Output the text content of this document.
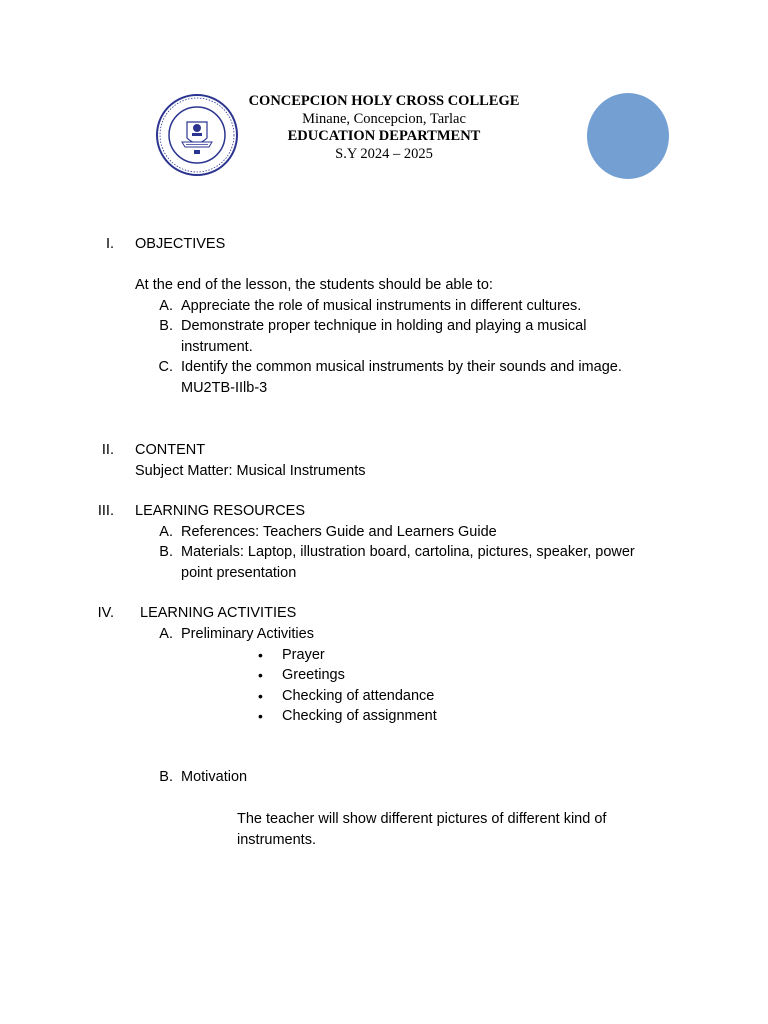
CONCEPCION HOLY CROSS COLLEGE
Minane, Concepcion, Tarlac
EDUCATION DEPARTMENT
S.Y 2024 – 2025
I. OBJECTIVES
At the end of the lesson, the students should be able to:
A. Appreciate the role of musical instruments in different cultures.
B. Demonstrate proper technique in holding and playing a musical
instrument.
C. Identify the common musical instruments by their sounds and image.
MU2TB-IIlb-3
II. CONTENT
Subject Matter: Musical Instruments
III. LEARNING RESOURCES
A. References: Teachers Guide and Learners Guide
B. Materials: Laptop, illustration board, cartolina, pictures, speaker, power
point presentation
IV. LEARNING ACTIVITIES
A. Preliminary Activities
• Prayer
• Greetings
• Checking of attendance
• Checking of assignment
B. Motivation
The teacher will show different pictures of different kind of
instruments.
